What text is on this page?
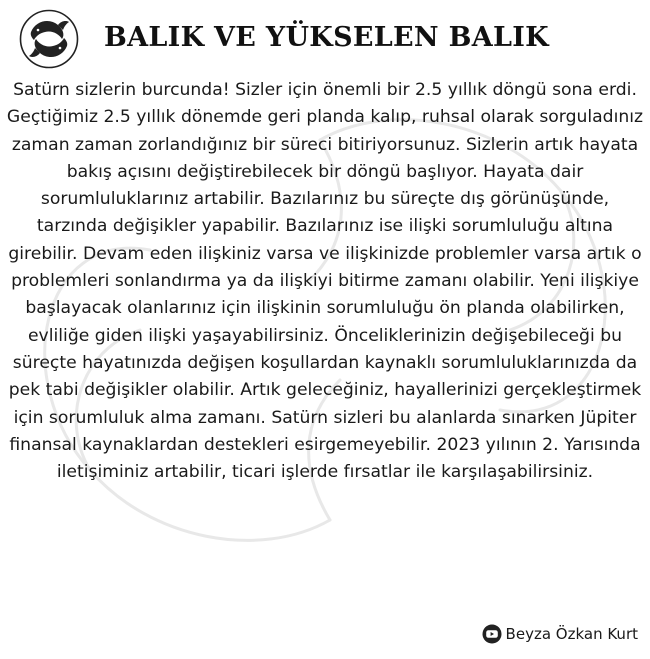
BALIK VE YÜKSELEN BALIK

Satürn sizlerin burcunda! Sizler için önemli bir 2.5 yıllık döngü sona erdi. Geçtiğimiz 2.5 yıllık dönemde geri planda kalıp, ruhsal olarak sorguladınız zaman zaman zorlandığınız bir süreci bitiriyorsunuz. Sizlerin artık hayata bakış açısını değiştirebilecek bir döngü başlıyor. Hayata dair sorumluluklarınız artabilir. Bazılarınız bu süreçte dış görünüşünde, tarzında değişikler yapabilir. Bazılarınız ise ilişki sorumluluğu altına girebilir. Devam eden ilişkiniz varsa ve ilişkinizde problemler varsa artık o problemleri sonlandırma ya da ilişkiyi bitirme zamanı olabilir. Yeni ilişkiye başlayacak olanlarınız için ilişkinin sorumluluğu ön planda olabilirken, evliliğe giden ilişki yaşayabilirsiniz. Önceliklerinizin değişebileceği bu süreçte hayatınızda değişen koşullardan kaynaklı sorumluluklarınızda da pek tabi değişikler olabilir. Artık geleceğiniz, hayallerinizi gerçekleştirmek için sorumluluk alma zamanı. Satürn sizleri bu alanlarda sınarken Jüpiter finansal kaynaklardan destekleri esirgemeyebilir. 2023 yılının 2. Yarısında iletişiminiz artabilir, ticari işlerde fırsatlar ile karşılaşabilirsiniz.

Beyza Özkan Kurt
